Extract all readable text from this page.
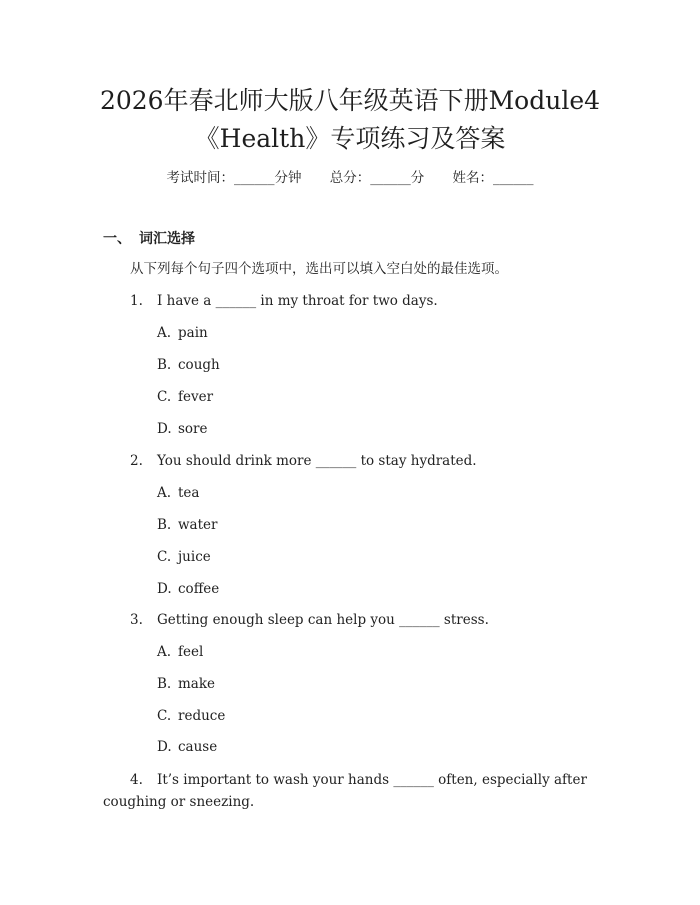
2026年春北师大版八年级英语下册Module4
《Health》专项练习及答案
考试时间：______分钟 总分：______分 姓名：______
一、 词汇选择
从下列每个句子四个选项中，选出可以填入空白处的最佳选项。
1. I have a ______ in my throat for two days.
A. pain
B. cough
C. fever
D. sore
2. You should drink more ______ to stay hydrated.
A. tea
B. water
C. juice
D. coffee
3. Getting enough sleep can help you ______ stress.
A. feel
B. make
C. reduce
D. cause
4. It’s important to wash your hands ______ often, especially after coughing or sneezing.
